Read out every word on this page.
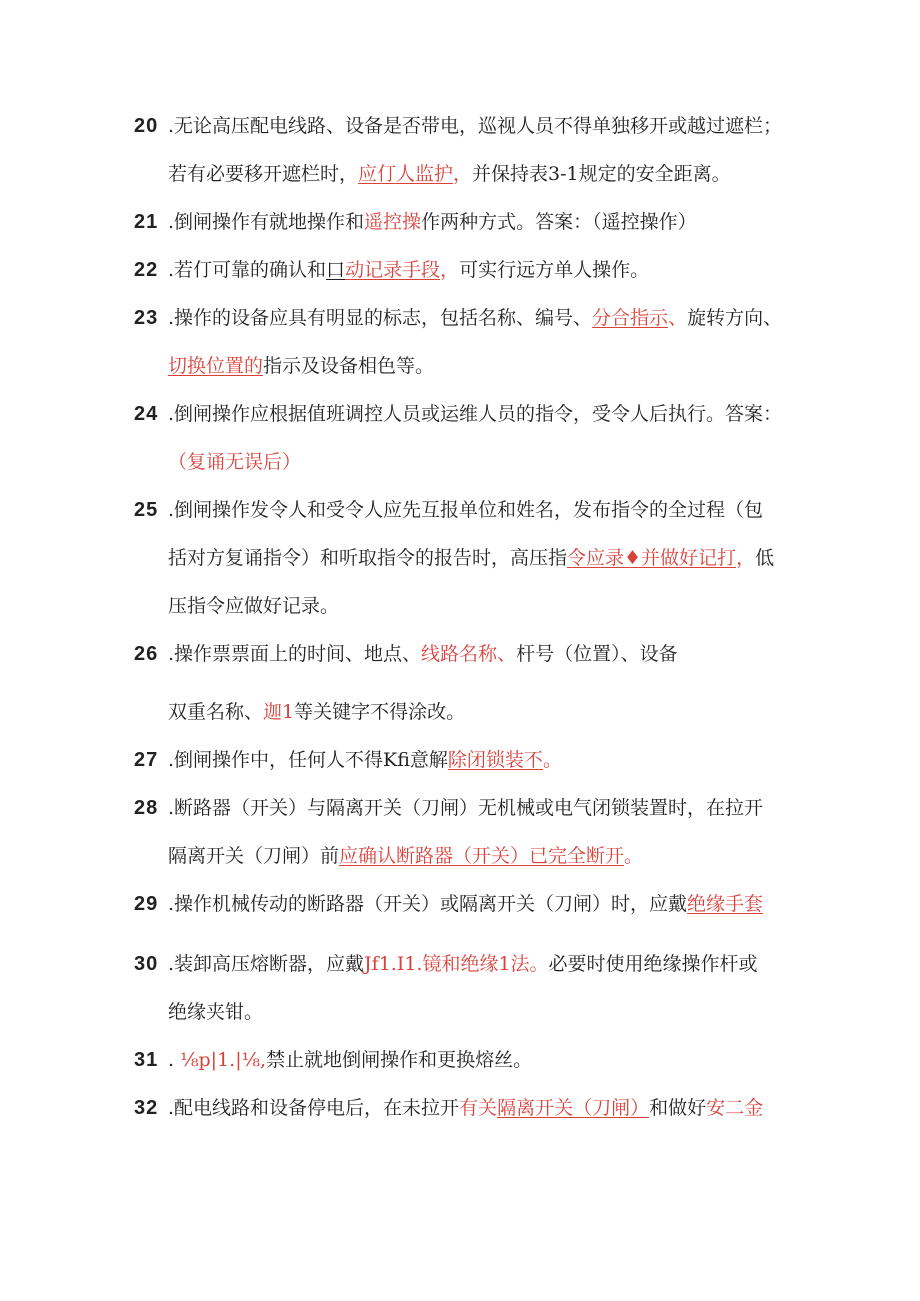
20 .无论高压配电线路、设备是否带电，巡视人员不得单独移开或越过遮栏；
若有必要移开遮栏时，应仃人监护，并保持表3-1规定的安全距离。
21 .倒闸操作有就地操作和遥控操作两种方式。答案：（遥控操作）
22 .若仃可靠的确认和口动记录手段，可实行远方单人操作。
23 .操作的设备应具有明显的标志，包括名称、编号、分合指示、旋转方向、
切换位置的指示及设备相色等。
24 .倒闸操作应根据值班调控人员或运维人员的指令，受令人后执行。答案：
（复诵无误后）
25 .倒闸操作发令人和受令人应先互报单位和姓名，发布指令的全过程（包
括对方复诵指令）和听取指令的报告时，高压指令应录♦并做好记打，低
压指令应做好记录。
26 .操作票票面上的时间、地点、线路名称、杆号（位置）、设备
双重名称、迦1等关键字不得涂改。
27 .倒闸操作中，任何人不得Kfi意解除闭锁装不。
28 .断路器（开关）与隔离开关（刀闸）无机械或电气闭锁装置时，在拉开
隔离开关（刀闸）前应确认断路器（开关）已完全断开。
29 .操作机械传动的断路器（开关）或隔离开关（刀闸）时，应戴绝缘手套
30 .装卸高压熔断器，应戴Jf1.I1.镜和绝缘1法。必要时使用绝缘操作杆或
绝缘夹钳。
31 . ⅛p|1.|⅛,禁止就地倒闸操作和更换熔丝。
32 .配电线路和设备停电后，在未拉开有关隔离开关（刀闸）和做好安二金
